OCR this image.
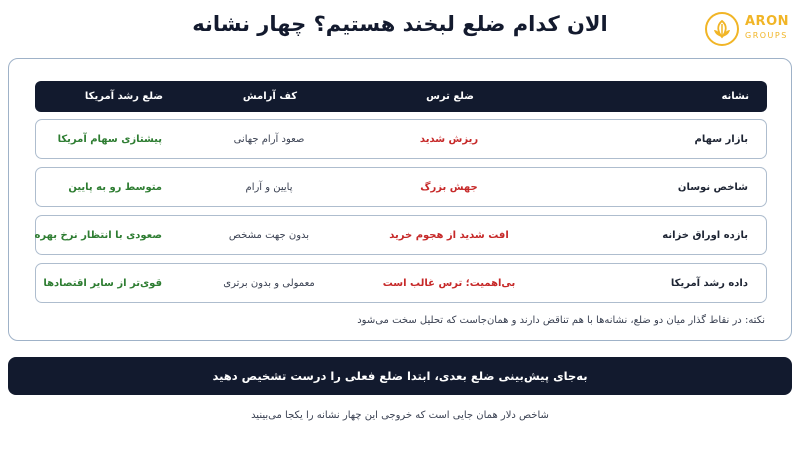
الان کدام ضلع لبخند هستیم؟ چهار نشانه	ARON
GROUPS
نشانه
ضلع ترس
کف آرامش
ضلع رشد آمریکا
بازار سهام
ریزش شدید
صعود آرام جهانی
پیشتازی سهام آمریکا
شاخص نوسان
جهش بزرگ
پایین و آرام
متوسط رو به پایین
بازده اوراق خزانه
افت شدید از هجوم خرید
بدون جهت مشخص
صعودی با انتظار نرخ بهره
داده رشد آمریکا
بی‌اهمیت؛ ترس غالب است
معمولی و بدون برتری
قوی‌تر از سایر اقتصادها
نکته: در نقاط گذار میان دو ضلع، نشانه‌ها با هم تناقض دارند و همان‌جاست که تحلیل سخت می‌شود
به‌جای پیش‌بینی ضلع بعدی، ابتدا ضلع فعلی را درست تشخیص دهید
شاخص دلار همان جایی است که خروجی این چهار نشانه را یکجا می‌بینید
